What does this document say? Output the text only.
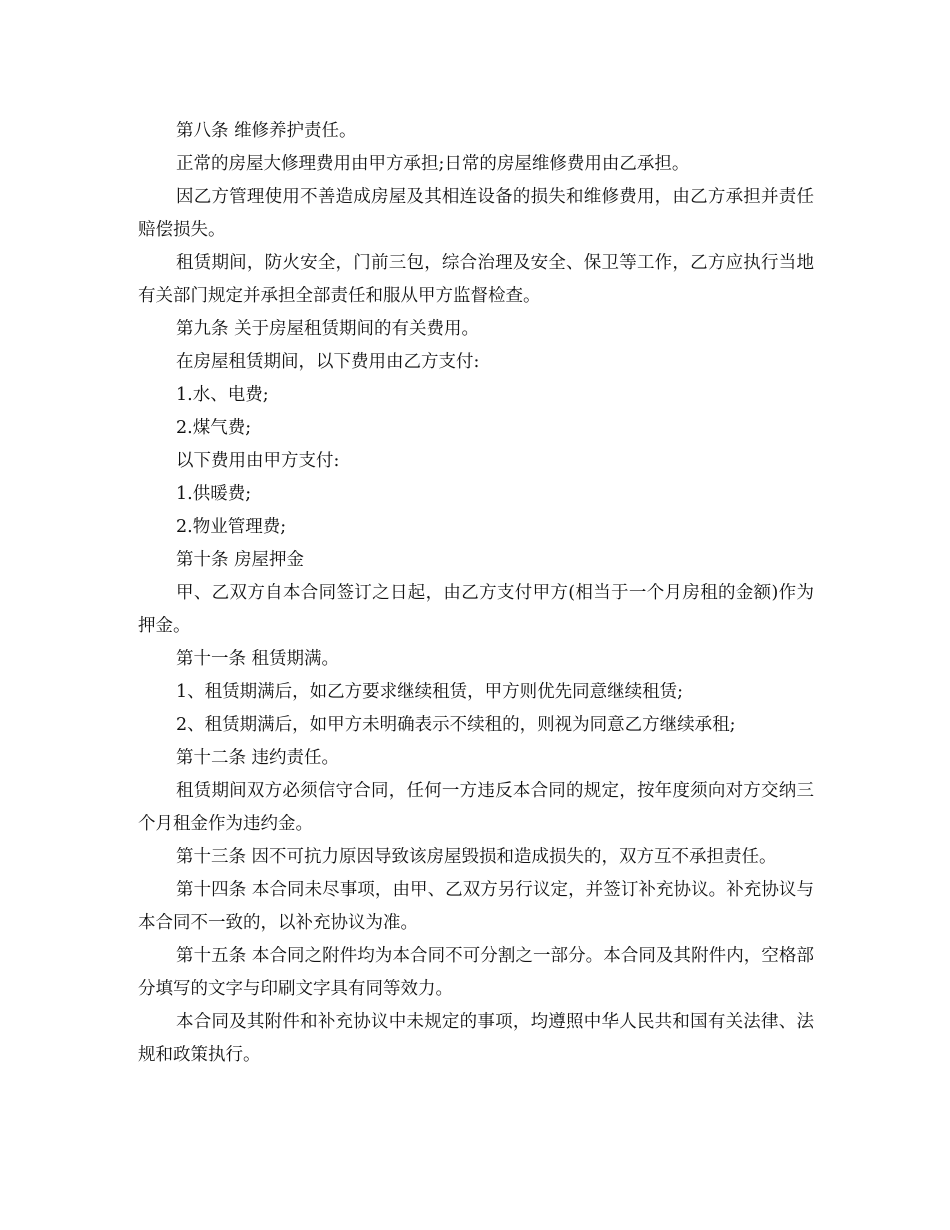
第八条 维修养护责任。

正常的房屋大修理费用由甲方承担;日常的房屋维修费用由乙承担。

因乙方管理使用不善造成房屋及其相连设备的损失和维修费用，由乙方承担并责任赔偿损失。

租赁期间，防火安全，门前三包，综合治理及安全、保卫等工作，乙方应执行当地有关部门规定并承担全部责任和服从甲方监督检查。

第九条 关于房屋租赁期间的有关费用。

在房屋租赁期间，以下费用由乙方支付:

1.水、电费;

2.煤气费;

以下费用由甲方支付:

1.供暖费;

2.物业管理费;

第十条 房屋押金

甲、乙双方自本合同签订之日起，由乙方支付甲方(相当于一个月房租的金额)作为押金。

第十一条 租赁期满。

1、租赁期满后，如乙方要求继续租赁，甲方则优先同意继续租赁;

2、租赁期满后，如甲方未明确表示不续租的，则视为同意乙方继续承租;

第十二条 违约责任。

租赁期间双方必须信守合同，任何一方违反本合同的规定，按年度须向对方交纳三个月租金作为违约金。

第十三条 因不可抗力原因导致该房屋毁损和造成损失的，双方互不承担责任。

第十四条 本合同未尽事项，由甲、乙双方另行议定，并签订补充协议。补充协议与本合同不一致的，以补充协议为准。

第十五条 本合同之附件均为本合同不可分割之一部分。本合同及其附件内，空格部分填写的文字与印刷文字具有同等效力。

本合同及其附件和补充协议中未规定的事项，均遵照中华人民共和国有关法律、法规和政策执行。
